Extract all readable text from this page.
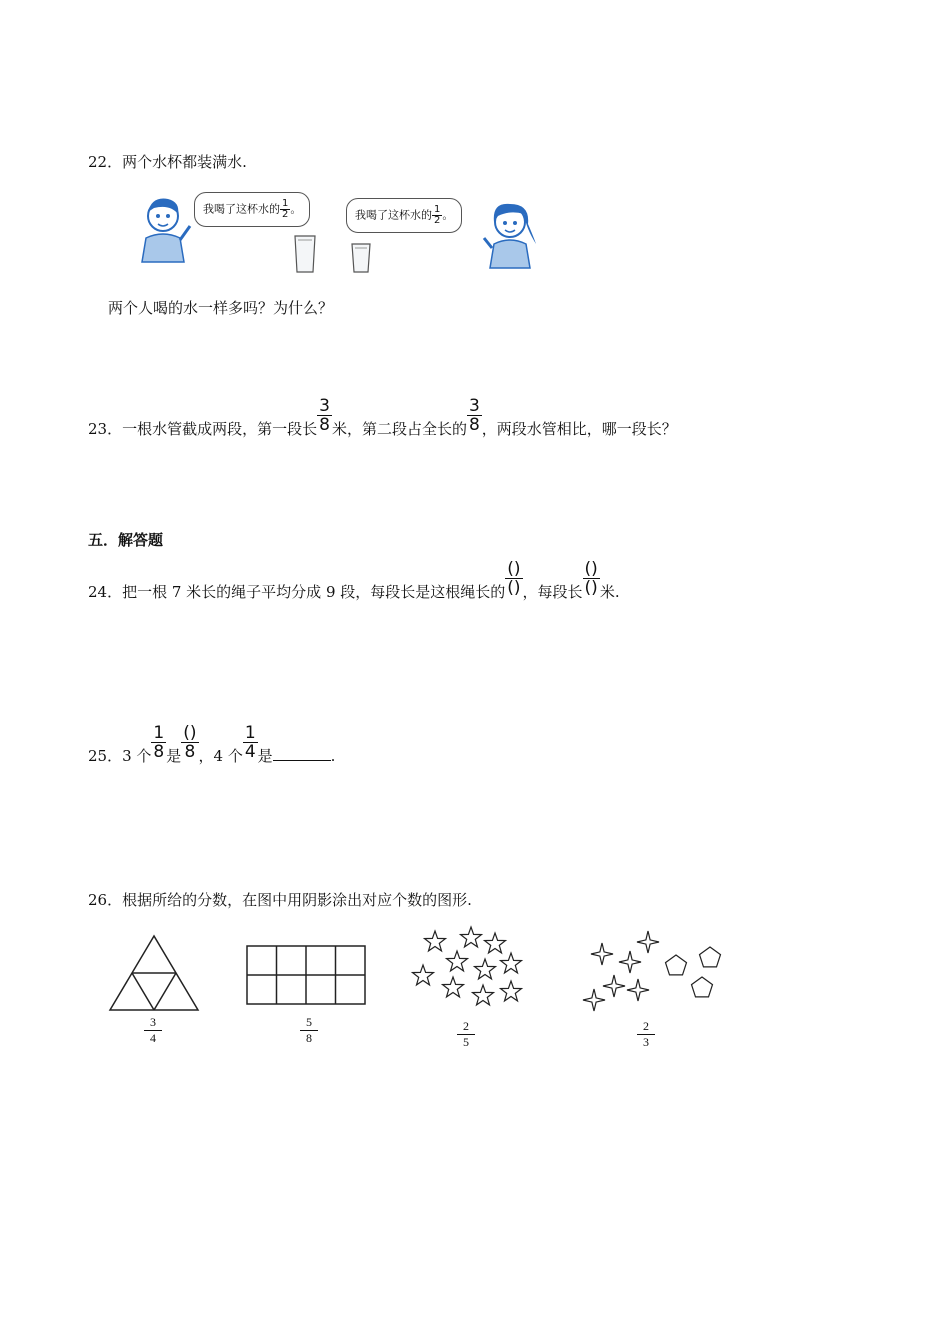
22．两个水杯都装满水.
我喝了这杯水的 $\frac{1}{2}$ 。	我喝了这杯水的 $\frac{1}{2}$ 。
两个人喝的水一样多吗？为什么？
23．一根水管截成两段，第一段长 $\frac{3}{8}$ 米，第二段占全长的 $\frac{3}{8}$ ，两段水管相比，哪一段长？
五．解答题
24．把一根 7 米长的绳子平均分成 9 段，每段长是这根绳长的 $\frac{()}{()}$ ，每段长 $\frac{()}{()}$ 米.
25．3 个 $\frac{1}{8}$ 是 $\frac{()}{8}$ ，4 个 $\frac{1}{4}$ 是	.
26．根据所给的分数，在图中用阴影涂出对应个数的图形.
3
4
5
8
2
5
2
3
